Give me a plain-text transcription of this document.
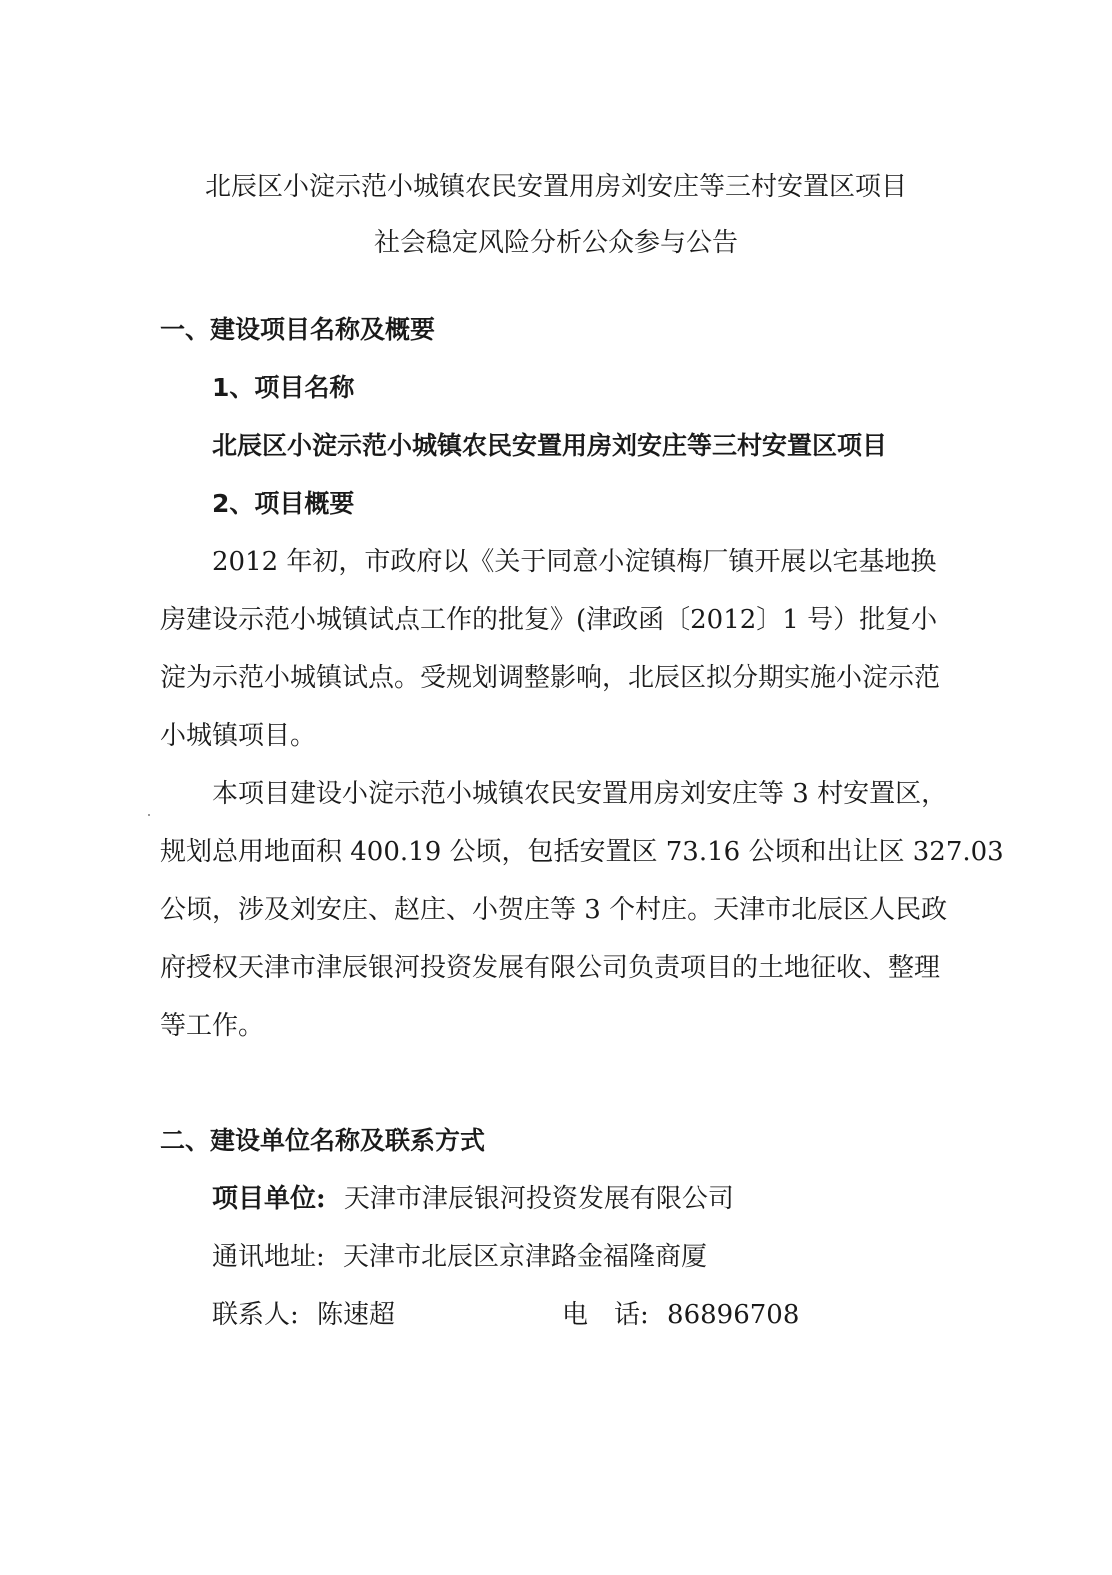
北辰区小淀示范小城镇农民安置用房刘安庄等三村安置区项目
社会稳定风险分析公众参与公告
一、建设项目名称及概要
1、项目名称
北辰区小淀示范小城镇农民安置用房刘安庄等三村安置区项目
2、项目概要
2012 年初，市政府以《关于同意小淀镇梅厂镇开展以宅基地换
房建设示范小城镇试点工作的批复》(津政函〔2012〕1 号）批复小
淀为示范小城镇试点。受规划调整影响，北辰区拟分期实施小淀示范
小城镇项目。
本项目建设小淀示范小城镇农民安置用房刘安庄等 3 村安置区，
规划总用地面积 400.19 公顷，包括安置区 73.16 公顷和出让区 327.03
公顷，涉及刘安庄、赵庄、小贺庄等 3 个村庄。天津市北辰区人民政
府授权天津市津辰银河投资发展有限公司负责项目的土地征收、整理
等工作。
二、建设单位名称及联系方式
项目单位: 天津市津辰银河投资发展有限公司
通讯地址: 天津市北辰区京津路金福隆商厦
联系人: 陈速超	电　话: 86896708
